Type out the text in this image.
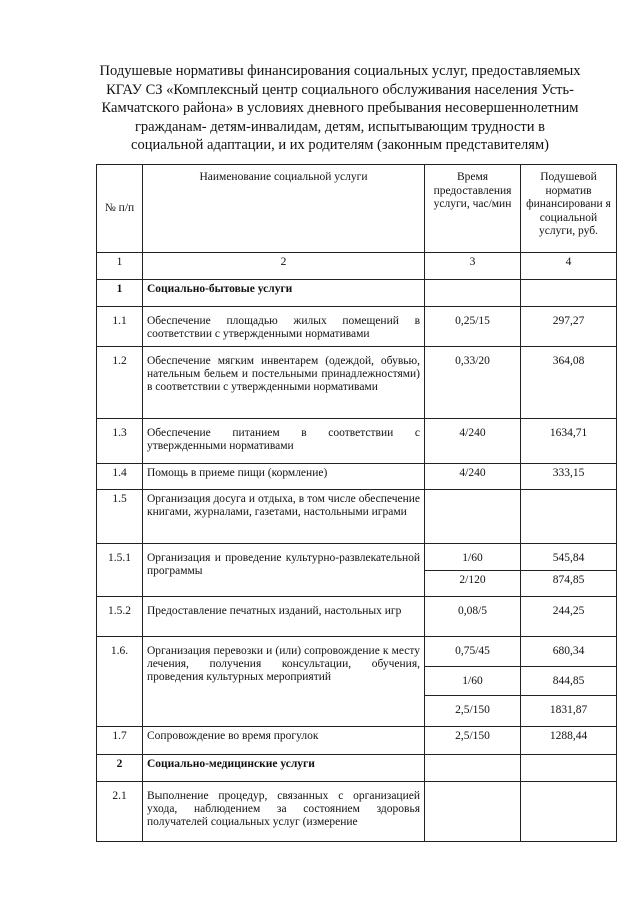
Подушевые нормативы финансирования социальных услуг, предоставляемых
КГАУ СЗ «Комплексный центр социального обслуживания населения Усть-
Камчатского района» в условиях дневного пребывания несовершеннолетним
гражданам- детям-инвалидам, детям, испытывающим трудности в
социальной адаптации, и их родителям (законным представителям)
№ п/п	Наименование социальной услуги	Время предоставления услуги, час/мин	Подушевой норматив финансировани я социальной услуги, руб.
1	2	3	4
1	Социально-бытовые услуги		
1.1	Обеспечение площадью жилых помещений в соответствии с утвержденными нормативами	0,25/15	297,27
1.2	Обеспечение мягким инвентарем (одеждой, обувью, нательным бельем и постельными принадлежностями) в соответствии с утвержденными нормативами	0,33/20	364,08
1.3	Обеспечение питанием в соответствии с утвержденными нормативами	4/240	1634,71
1.4	Помощь в приеме пищи (кормление)	4/240	333,15
1.5	Организация досуга и отдыха, в том числе обеспечение книгами, журналами, газетами, настольными играми		
1.5.1	Организация и проведение культурно-развлекательной программы	1/60	545,84
		2/120	874,85
1.5.2	Предоставление печатных изданий, настольных игр	0,08/5	244,25
1.6.	Организация перевозки и (или) сопровождение к месту лечения, получения консультации, обучения, проведения культурных мероприятий	0,75/45	680,34
		1/60	844,85
		2,5/150	1831,87
1.7	Сопровождение во время прогулок	2,5/150	1288,44
2	Социально-медицинские услуги		
2.1	Выполнение процедур, связанных с организацией ухода, наблюдением за состоянием здоровья получателей социальных услуг (измерение		
